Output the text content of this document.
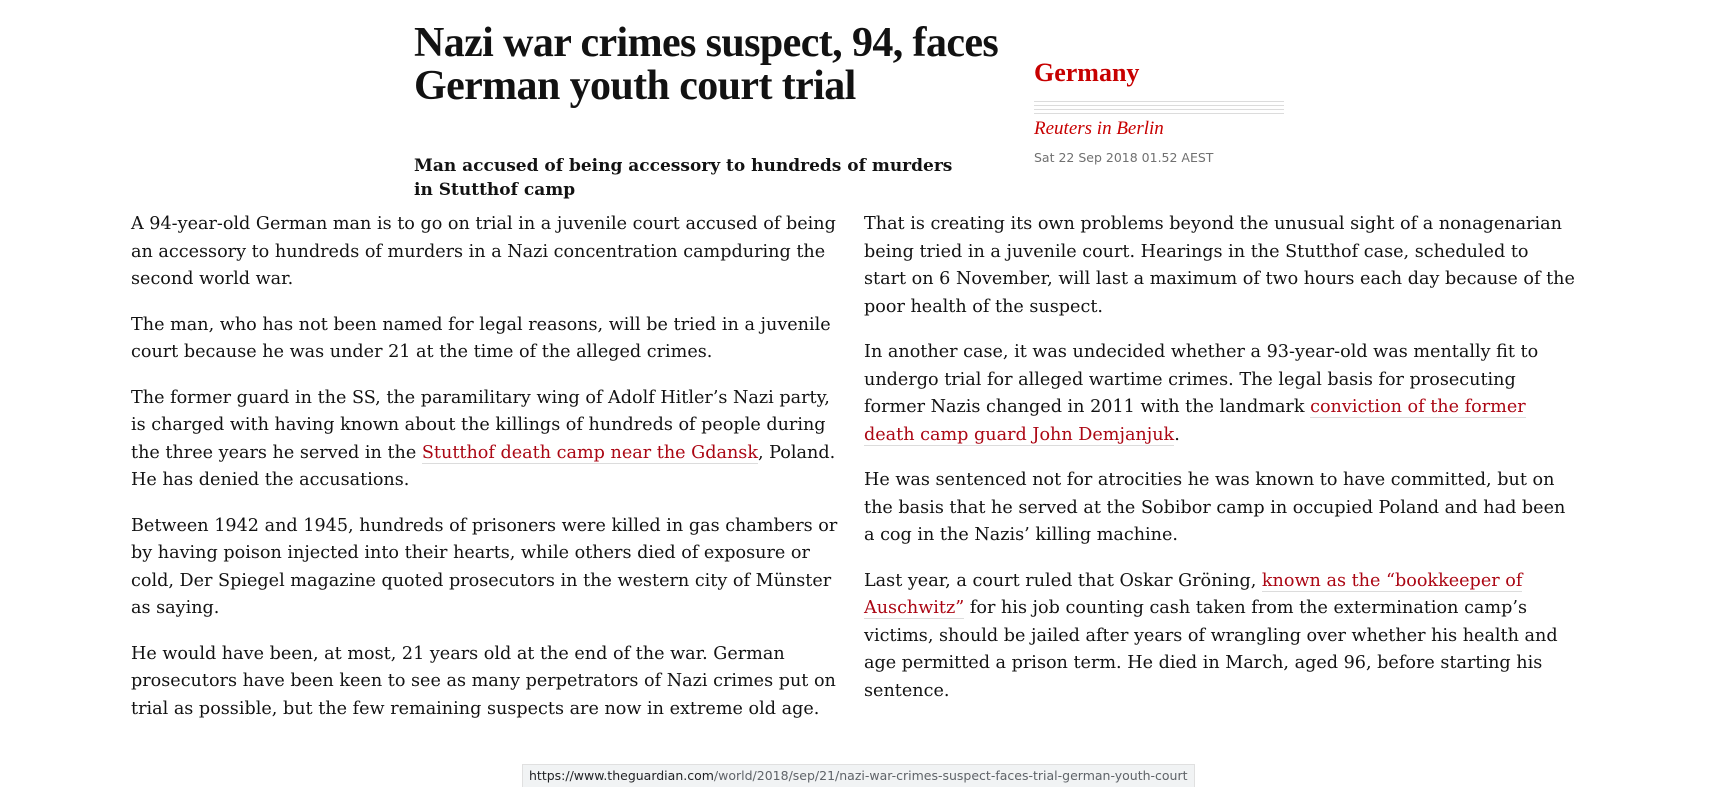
Nazi war crimes suspect, 94, faces German youth court trial	Germany
Reuters in Berlin
Sat 22 Sep 2018 01.52 AEST
Man accused of being accessory to hundreds of murders in Stutthof camp

A 94-year-old German man is to go on trial in a juvenile court accused of being an accessory to hundreds of murders in a Nazi concentration campduring the second world war.

The man, who has not been named for legal reasons, will be tried in a juvenile court because he was under 21 at the time of the alleged crimes.

The former guard in the SS, the paramilitary wing of Adolf Hitler’s Nazi party, is charged with having known about the killings of hundreds of people during the three years he served in the Stutthof death camp near the Gdansk, Poland. He has denied the accusations.

Between 1942 and 1945, hundreds of prisoners were killed in gas chambers or by having poison injected into their hearts, while others died of exposure or cold, Der Spiegel magazine quoted prosecutors in the western city of Münster as saying.

He would have been, at most, 21 years old at the end of the war. German prosecutors have been keen to see as many perpetrators of Nazi crimes put on trial as possible, but the few remaining suspects are now in extreme old age.

That is creating its own problems beyond the unusual sight of a nonagenarian being tried in a juvenile court. Hearings in the Stutthof case, scheduled to start on 6 November, will last a maximum of two hours each day because of the poor health of the suspect.

In another case, it was undecided whether a 93-year-old was mentally fit to undergo trial for alleged wartime crimes. The legal basis for prosecuting former Nazis changed in 2011 with the landmark conviction of the former death camp guard John Demjanjuk.

He was sentenced not for atrocities he was known to have committed, but on the basis that he served at the Sobibor camp in occupied Poland and had been a cog in the Nazis’ killing machine.

Last year, a court ruled that Oskar Gröning, known as the “bookkeeper of Auschwitz” for his job counting cash taken from the extermination camp’s victims, should be jailed after years of wrangling over whether his health and age permitted a prison term. He died in March, aged 96, before starting his sentence.

https://www.theguardian.com/world/2018/sep/21/nazi-war-crimes-suspect-faces-trial-german-youth-court
